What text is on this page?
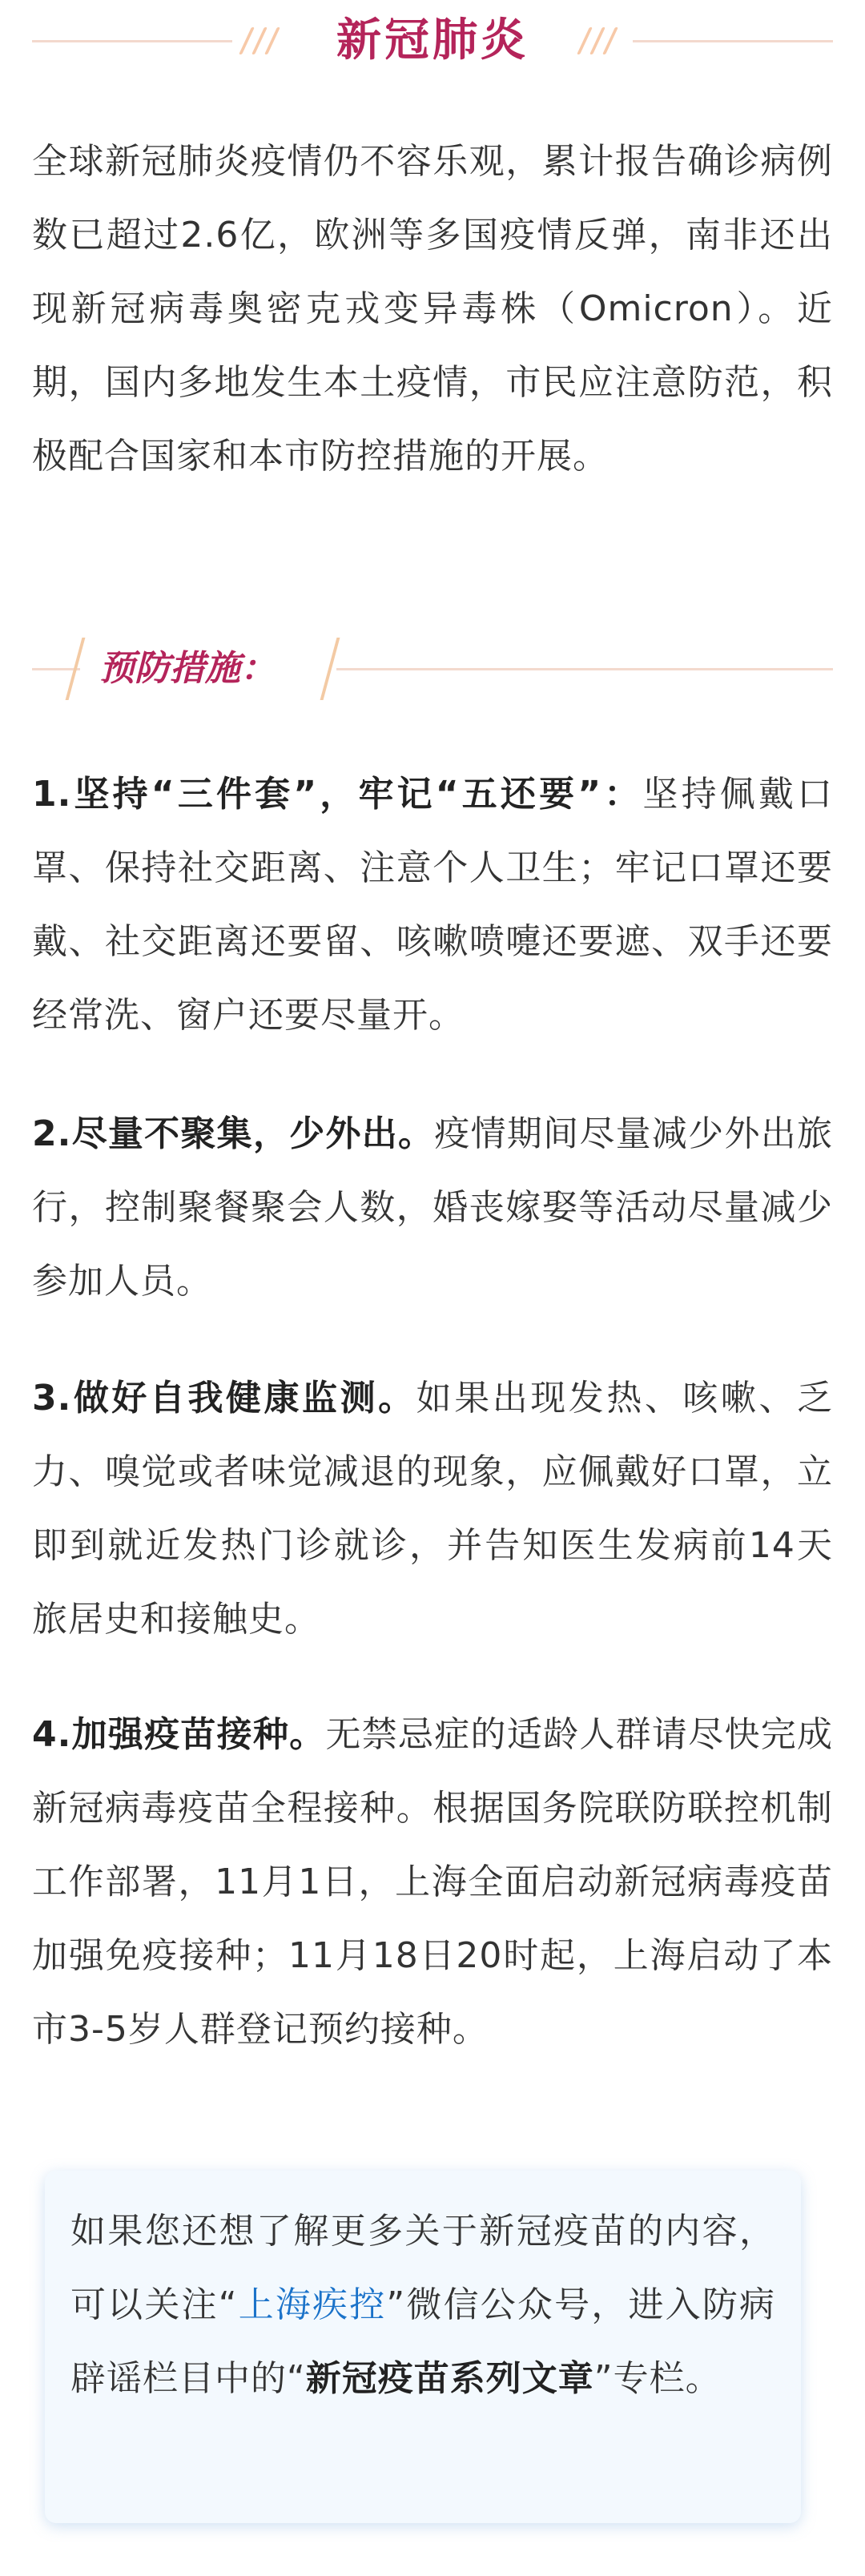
新冠肺炎
全球新冠肺炎疫情仍不容乐观，累计报告确诊病例数已超过2.6亿，欧洲等多国疫情反弹，南非还出现新冠病毒奥密克戎变异毒株（Omicron）。近期，国内多地发生本土疫情，市民应注意防范，积极配合国家和本市防控措施的开展。
预防措施：
1.坚持“三件套”，牢记“五还要”：坚持佩戴口罩、保持社交距离、注意个人卫生；牢记口罩还要戴、社交距离还要留、咳嗽喷嚏还要遮、双手还要经常洗、窗户还要尽量开。
2.尽量不聚集，少外出。疫情期间尽量减少外出旅行，控制聚餐聚会人数，婚丧嫁娶等活动尽量减少参加人员。
3.做好自我健康监测。如果出现发热、咳嗽、乏力、嗅觉或者味觉减退的现象，应佩戴好口罩，立即到就近发热门诊就诊，并告知医生发病前14天旅居史和接触史。
4.加强疫苗接种。无禁忌症的适龄人群请尽快完成新冠病毒疫苗全程接种。根据国务院联防联控机制工作部署，11月1日，上海全面启动新冠病毒疫苗加强免疫接种；11月18日20时起，上海启动了本市3-5岁人群登记预约接种。
如果您还想了解更多关于新冠疫苗的内容，可以关注“上海疾控”微信公众号，进入防病辟谣栏目中的“新冠疫苗系列文章”专栏。
